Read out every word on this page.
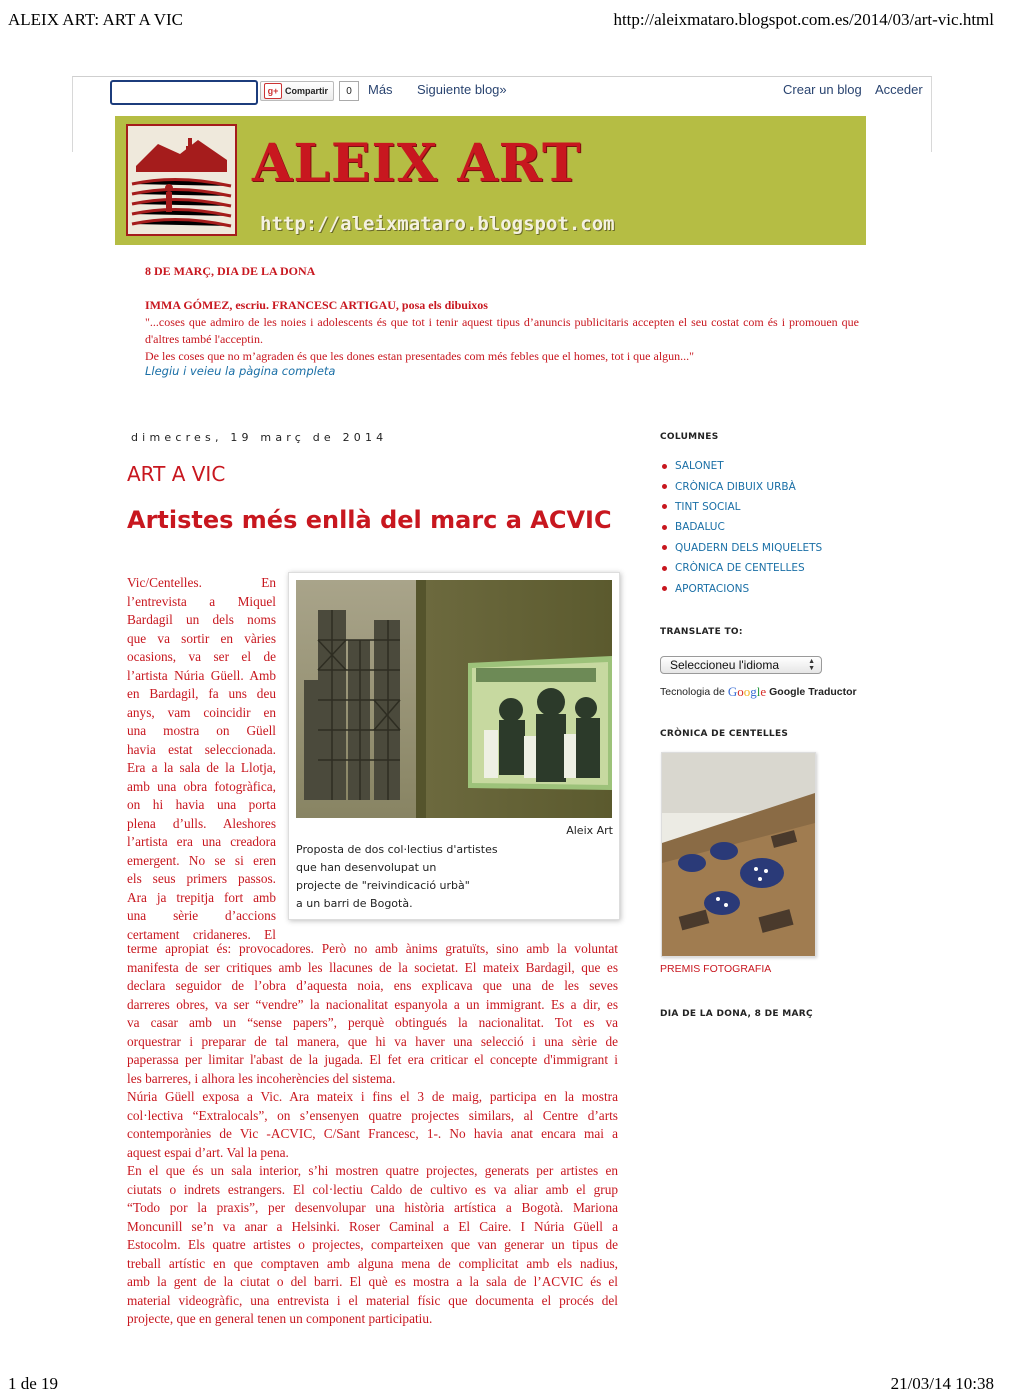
ALEIX ART: ART A VIC	http://aleixmataro.blogspot.com.es/2014/03/art-vic.html
g+ Compartir	0	Más Siguiente blog»	Crear un blog Acceder
ALEIX ART
http://aleixmataro.blogspot.com
8 DE MARÇ, DIA DE LA DONA
IMMA GÓMEZ, escriu. FRANCESC ARTIGAU, posa els dibuixos
"...coses que admiro de les noies i adolescents és que tot i tenir aquest tipus d’anuncis publicitaris accepten el seu costat com és i promouen que d'altres també l'acceptin.
De les coses que no m’agraden és que les dones estan presentades com més febles que el homes, tot i que algun..."
Llegiu i veieu la pàgina completa
dimecres, 19 març de 2014
ART A VIC
Artistes més enllà del marc a ACVIC
Vic/Centelles. En
l’entrevista a Miquel
Bardagil un dels noms
que va sortir en vàries
ocasions, va ser el de
l’artista Núria Güell. Amb
en Bardagil, fa uns deu
anys, vam coincidir en
una mostra on Güell
havia estat seleccionada.
Era a la sala de la Llotja,
amb una obra fotogràfica,
on hi havia una porta
plena d’ulls. Aleshores
l’artista era una creadora
emergent. No se si eren
els seus primers passos.
Ara ja trepitja fort amb
una sèrie d’accions
certament cridaneres. El
Aleix Art
Proposta de dos col·lectius d'artistes
que han desenvolupat un
projecte de "reivindicació urbà"
a un barri de Bogotà.
terme apropiat és: provocadores. Però no amb ànims gratuïts, sino amb la voluntat
manifesta de ser critiques amb les llacunes de la societat. El mateix Bardagil, que es
declara seguidor de l’obra d’aquesta noia, ens explicava que una de les seves
darreres obres, va ser “vendre” la nacionalitat espanyola a un immigrant. Es a dir, es
va casar amb un “sense papers”, perquè obtingués la nacionalitat. Tot es va
orquestrar i preparar de tal manera, que hi va haver una selecció i una sèrie de
paperassa per limitar l'abast de la jugada. El fet era criticar el concepte d'immigrant i
les barreres, i alhora les incoherències del sistema.
Núria Güell exposa a Vic. Ara mateix i fins el 3 de maig, participa en la mostra
col·lectiva “Extralocals”, on s’ensenyen quatre projectes similars, al Centre d’arts
contemporànies de Vic -ACVIC, C/Sant Francesc, 1-. No havia anat encara mai a
aquest espai d’art. Val la pena.
En el que és un sala interior, s’hi mostren quatre projectes, generats per artistes en
ciutats o indrets estrangers. El col·lectiu Caldo de cultivo es va aliar amb el grup
“Todo por la praxis”, per desenvolupar una història artística a Bogotà. Mariona
Moncunill se’n va anar a Helsinki. Roser Caminal a El Caire. I Núria Güell a
Estocolm. Els quatre artistes o projectes, comparteixen que van generar un tipus de
treball artístic en que comptaven amb alguna mena de complicitat amb els nadius,
amb la gent de la ciutat o del barri. El què es mostra a la sala de l’ACVIC és el
material videogràfic, una entrevista i el material físic que documenta el procés del
projecte, que en general tenen un component participatiu.
COLUMNES
SALONET
CRÒNICA DIBUIX URBÀ
TINT SOCIAL
BADALUC
QUADERN DELS MIQUELETS
CRÒNICA DE CENTELLES
APORTACIONS
TRANSLATE TO:
Seleccioneu l'idioma	▲
▼
Tecnologia de Google Google Traductor
CRÒNICA DE CENTELLES
PREMIS FOTOGRAFIA
DIA DE LA DONA, 8 DE MARÇ
1 de 19	21/03/14 10:38
